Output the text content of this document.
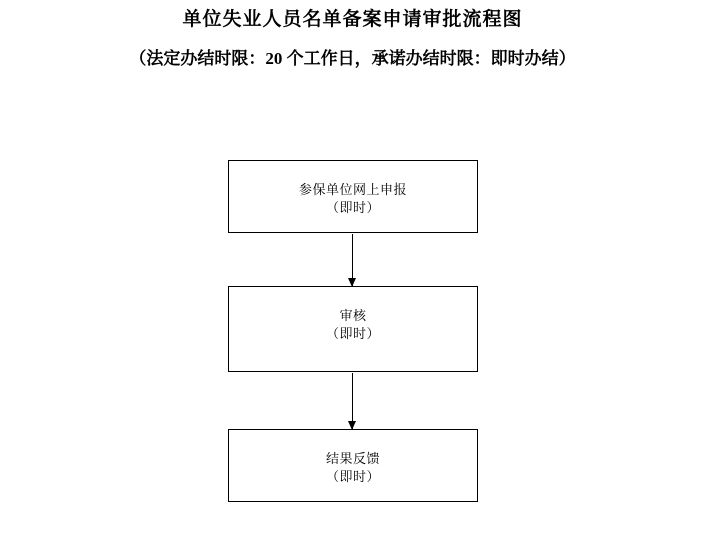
单位失业人员名单备案申请审批流程图
（法定办结时限：20 个工作日，承诺办结时限：即时办结）
参保单位网上申报
（即时）
审核
（即时）
结果反馈
（即时）
